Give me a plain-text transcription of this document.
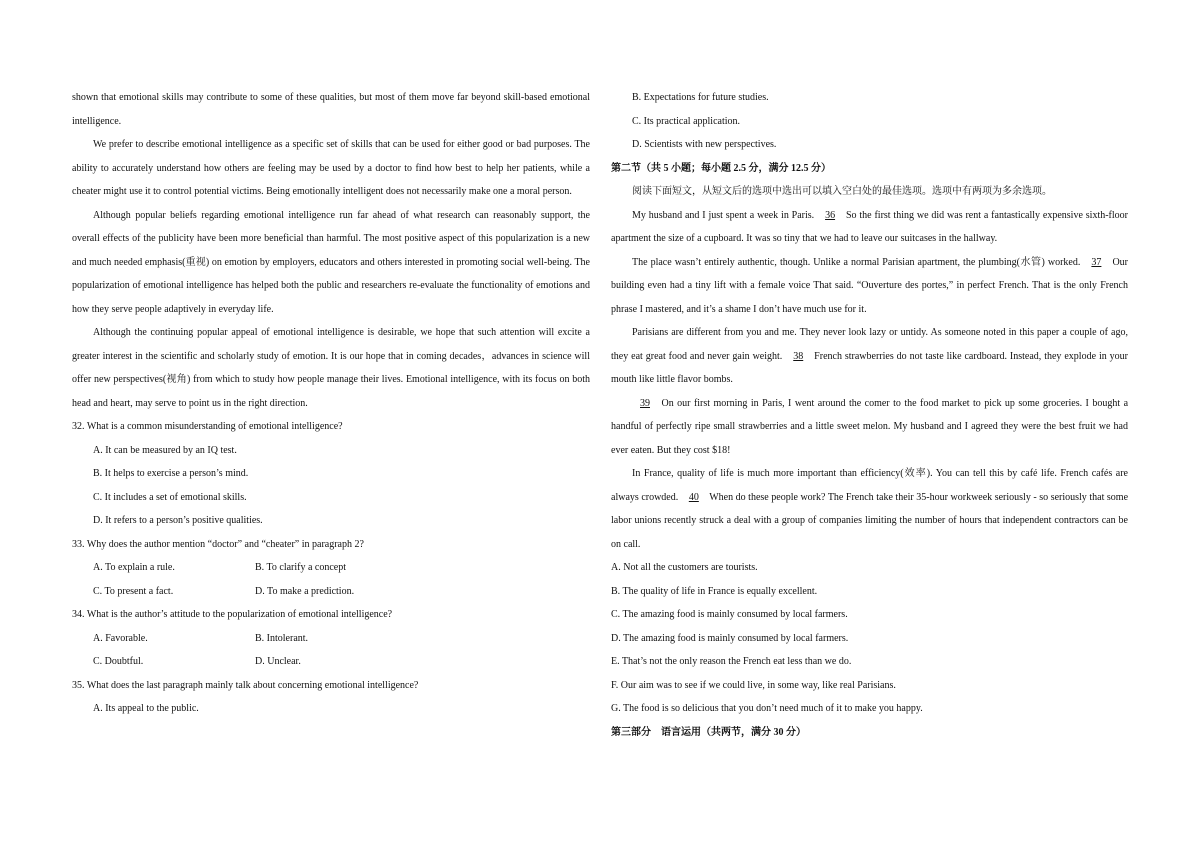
shown that emotional skills may contribute to some of these qualities, but most of them move far beyond skill-based emotional intelligence.

We prefer to describe emotional intelligence as a specific set of skills that can be used for either good or bad purposes. The ability to accurately understand how others are feeling may be used by a doctor to find how best to help her patients, while a cheater might use it to control potential victims. Being emotionally intelligent does not necessarily make one a moral person.

Although popular beliefs regarding emotional intelligence run far ahead of what research can reasonably support, the overall effects of the publicity have been more beneficial than harmful. The most positive aspect of this popularization is a new and much needed emphasis(重视) on emotion by employers, educators and others interested in promoting social well-being. The popularization of emotional intelligence has helped both the public and researchers re-evaluate the functionality of emotions and how they serve people adaptively in everyday life.

Although the continuing popular appeal of emotional intelligence is desirable, we hope that such attention will excite a greater interest in the scientific and scholarly study of emotion. It is our hope that in coming decades，advances in science will offer new perspectives(视角) from which to study how people manage their lives. Emotional intelligence, with its focus on both head and heart, may serve to point us in the right direction.

32. What is a common misunderstanding of emotional intelligence?

A. It can be measured by an IQ test.

B. It helps to exercise a person’s mind.

C. It includes a set of emotional skills.

D. It refers to a person’s positive qualities.

33. Why does the author mention “doctor” and “cheater” in paragraph 2?

A. To explain a rule.	B. To clarify a concept

C. To present a fact.	D. To make a prediction.

34. What is the author’s attitude to the popularization of emotional intelligence?

A. Favorable.	B. Intolerant.

C. Doubtful.	D. Unclear.

35. What does the last paragraph mainly talk about concerning emotional intelligence?

A. Its appeal to the public.

B. Expectations for future studies.

C. Its practical application.

D. Scientists with new perspectives.

第二节（共 5 小题；每小题 2.5 分，满分 12.5 分）

阅读下面短文，从短文后的选项中选出可以填入空白处的最佳选项。选项中有两项为多余选项。

My husband and I just spent a week in Paris. 36 So the first thing we did was rent a fantastically expensive sixth-floor apartment the size of a cupboard. It was so tiny that we had to leave our suitcases in the hallway.

The place wasn’t entirely authentic, though. Unlike a normal Parisian apartment, the plumbing(水管) worked. 37 Our building even had a tiny lift with a female voice That said. “Ouverture des portes,” in perfect French. That is the only French phrase I mastered, and it’s a shame I don’t have much use for it.

Parisians are different from you and me. They never look lazy or untidy. As someone noted in this paper a couple of ago, they eat great food and never gain weight. 38 French strawberries do not taste like cardboard. Instead, they explode in your mouth like little flavor bombs.

39 On our first morning in Paris, I went around the comer to the food market to pick up some groceries. I bought a handful of perfectly ripe small strawberries and a little sweet melon. My husband and I agreed they were the best fruit we had ever eaten. But they cost $18!

In France, quality of life is much more important than efficiency(效率). You can tell this by café life. French cafés are always crowded. 40 When do these people work? The French take their 35-hour workweek seriously - so seriously that some labor unions recently struck a deal with a group of companies limiting the number of hours that independent contractors can be on call.

A. Not all the customers are tourists.

B. The quality of life in France is equally excellent.

C. The amazing food is mainly consumed by local farmers.

D. The amazing food is mainly consumed by local farmers.

E. That’s not the only reason the French eat less than we do.

F. Our aim was to see if we could live, in some way, like real Parisians.

G. The food is so delicious that you don’t need much of it to make you happy.

第三部分　语言运用（共两节，满分 30 分）
